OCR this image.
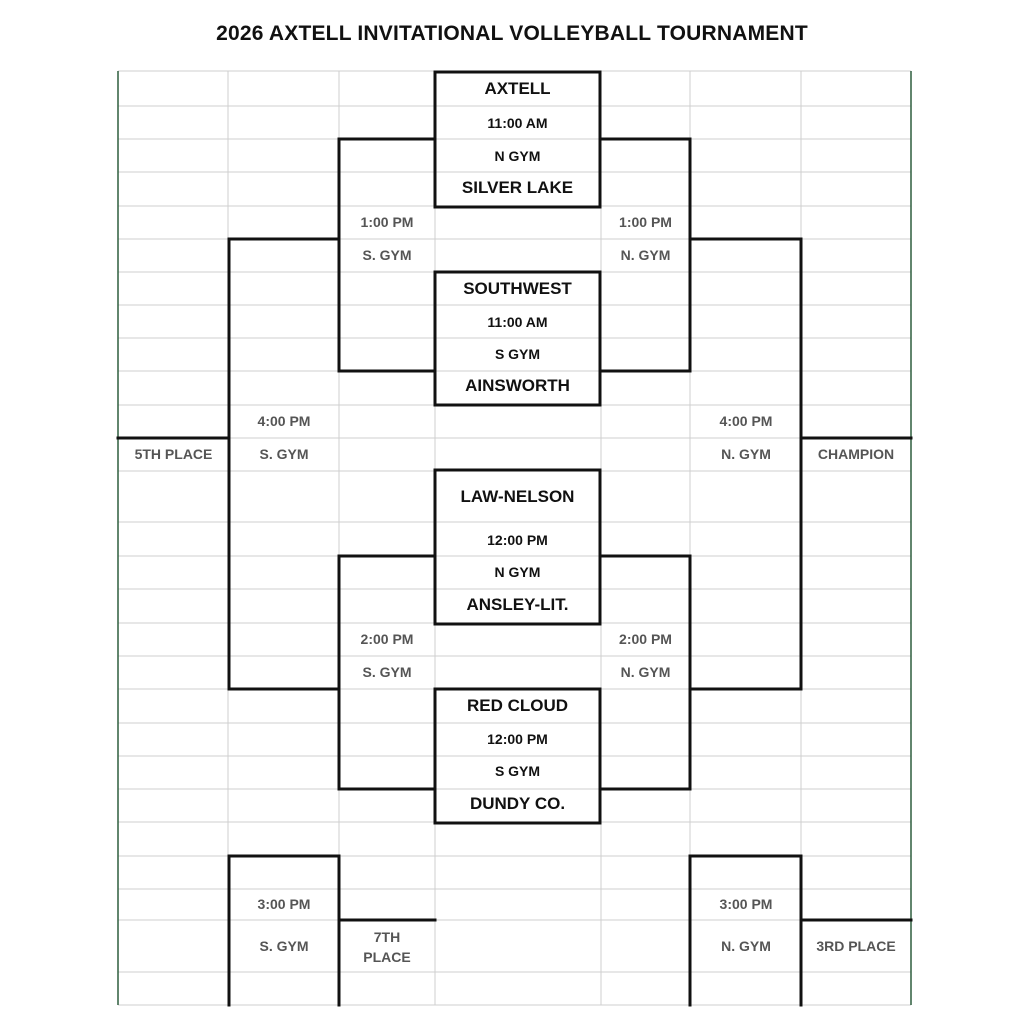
2026 AXTELL INVITATIONAL VOLLEYBALL TOURNAMENT
AXTELL
11:00 AM
N GYM
SILVER LAKE
SOUTHWEST
11:00 AM
S GYM
AINSWORTH
LAW-NELSON
12:00 PM
N GYM
ANSLEY-LIT.
RED CLOUD
12:00 PM
S GYM
DUNDY CO.
1:00 PM
S. GYM
1:00 PM
N. GYM
2:00 PM
S. GYM
2:00 PM
N. GYM
4:00 PM
S. GYM
5TH PLACE
4:00 PM
N. GYM	CHAMPION
3:00 PM
S. GYM
7TH
PLACE
3:00 PM
N. GYM	3RD PLACE
